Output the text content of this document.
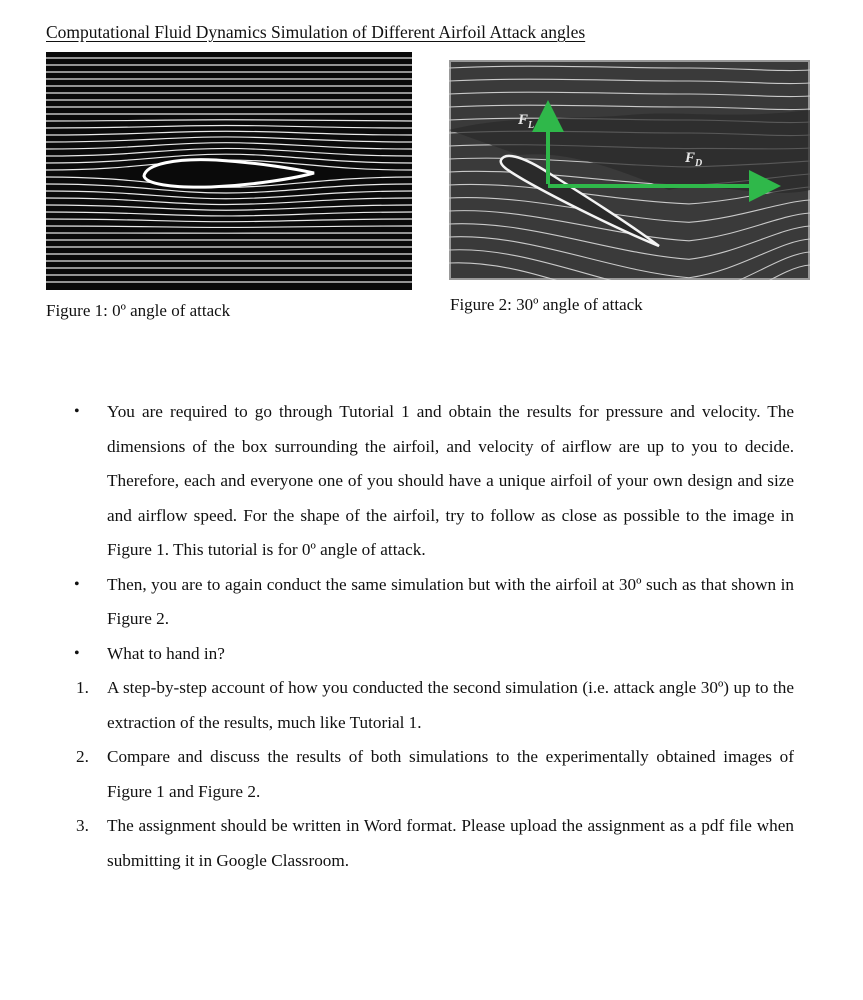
Computational Fluid Dynamics Simulation of Different Airfoil Attack angles
$F_L$
$F_D$
Figure 1: 0º angle of attack	Figure 2: 30º angle of attack
•	You are required to go through Tutorial 1 and obtain the results for pressure and velocity. The dimensions of the box surrounding the airfoil, and velocity of airflow are up to you to decide. Therefore, each and everyone one of you should have a unique airfoil of your own design and size and airflow speed. For the shape of the airfoil, try to follow as close as possible to the image in Figure 1. This tutorial is for 0º angle of attack.
•	Then, you are to again conduct the same simulation but with the airfoil at 30º such as that shown in Figure 2.
•	What to hand in?
1.	A step-by-step account of how you conducted the second simulation (i.e. attack angle 30º) up to the extraction of the results, much like Tutorial 1.
2.	Compare and discuss the results of both simulations to the experimentally obtained images of Figure 1 and Figure 2.
3.	The assignment should be written in Word format. Please upload the assignment as a pdf file when submitting it in Google Classroom.
